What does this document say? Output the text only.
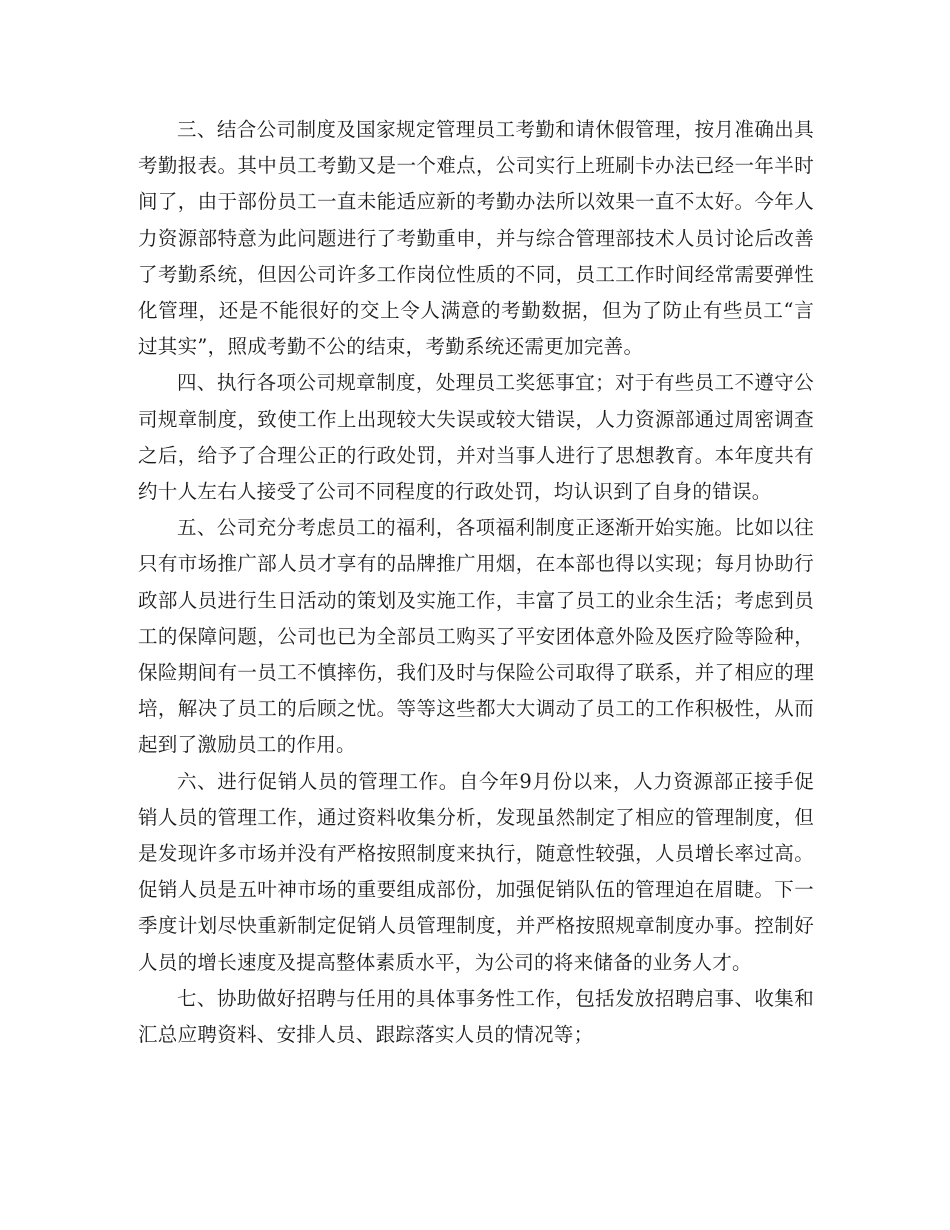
三、结合公司制度及国家规定管理员工考勤和请休假管理，按月准确出具考勤报表。其中员工考勤又是一个难点，公司实行上班刷卡办法已经一年半时间了，由于部份员工一直未能适应新的考勤办法所以效果一直不太好。今年人力资源部特意为此问题进行了考勤重申，并与综合管理部技术人员讨论后改善了考勤系统，但因公司许多工作岗位性质的不同，员工工作时间经常需要弹性化管理，还是不能很好的交上令人满意的考勤数据，但为了防止有些员工“言过其实”，照成考勤不公的结束，考勤系统还需更加完善。

四、执行各项公司规章制度，处理员工奖惩事宜；对于有些员工不遵守公司规章制度，致使工作上出现较大失误或较大错误，人力资源部通过周密调查之后，给予了合理公正的行政处罚，并对当事人进行了思想教育。本年度共有约十人左右人接受了公司不同程度的行政处罚，均认识到了自身的错误。

五、公司充分考虑员工的福利，各项福利制度正逐渐开始实施。比如以往只有市场推广部人员才享有的品牌推广用烟，在本部也得以实现；每月协助行政部人员进行生日活动的策划及实施工作，丰富了员工的业余生活；考虑到员工的保障问题，公司也已为全部员工购买了平安团体意外险及医疗险等险种，保险期间有一员工不慎摔伤，我们及时与保险公司取得了联系，并了相应的理培，解决了员工的后顾之忧。等等这些都大大调动了员工的工作积极性，从而起到了激励员工的作用。

六、进行促销人员的管理工作。自今年9月份以来，人力资源部正接手促销人员的管理工作，通过资料收集分析，发现虽然制定了相应的管理制度，但是发现许多市场并没有严格按照制度来执行，随意性较强，人员增长率过高。促销人员是五叶神市场的重要组成部份，加强促销队伍的管理迫在眉睫。下一季度计划尽快重新制定促销人员管理制度，并严格按照规章制度办事。控制好人员的增长速度及提高整体素质水平，为公司的将来储备的业务人才。

七、协助做好招聘与任用的具体事务性工作，包括发放招聘启事、收集和汇总应聘资料、安排人员、跟踪落实人员的情况等；
